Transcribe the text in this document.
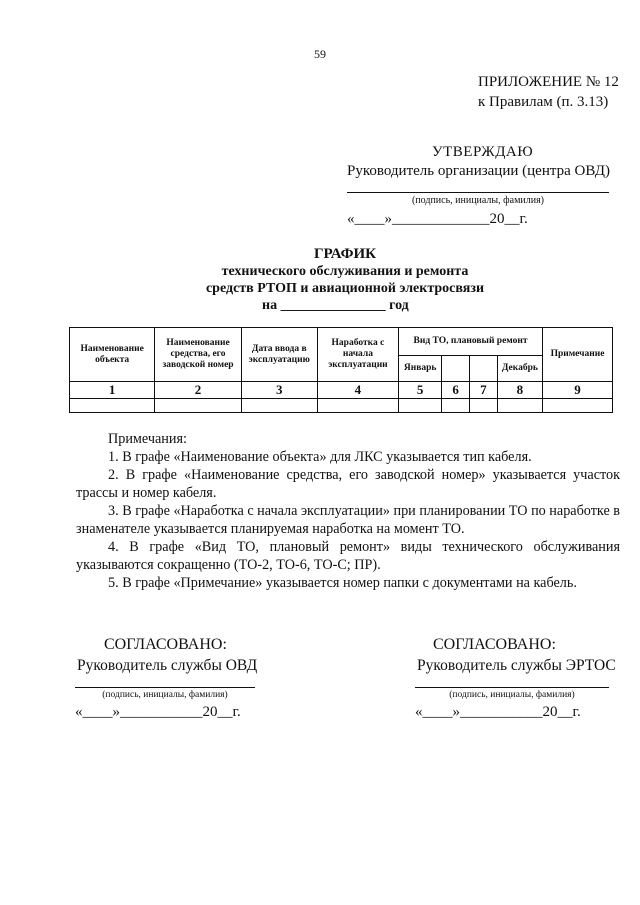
59
ПРИЛОЖЕНИЕ № 12
к Правилам (п. 3.13)
УТВЕРЖДАЮ
Руководитель организации (центра ОВД)
(подпись, инициалы, фамилия)
«____»_____________20__г.
ГРАФИК
технического обслуживания и ремонта
средств РТОП и авиационной электросвязи
на _______________ год
Наименование объекта	Наименование средства, его заводской номер	Дата ввода в эксплуатацию	Наработка с начала эксплуатации	Вид ТО, плановый ремонт				Примечание
				Январь			Декабрь	
1	2	3	4	5	6	7	8	9

Примечания:

1. В графе «Наименование объекта» для ЛКС указывается тип кабеля.

2. В графе «Наименование средства, его заводской номер» указывается участок трассы и номер кабеля.

3. В графе «Наработка с начала эксплуатации» при планировании ТО по наработке в знаменателе указывается планируемая наработка на момент ТО.

4. В графе «Вид ТО, плановый ремонт» виды технического обслуживания указываются сокращенно (ТО-2, ТО-6, ТО-С; ПР).

5. В графе «Примечание» указывается номер папки с документами на кабель.

СОГЛАСОВАНО:
Руководитель службы ОВД
(подпись, инициалы, фамилия)
«____»___________20__г.
СОГЛАСОВАНО:
Руководитель службы ЭРТОС
(подпись, инициалы, фамилия)
«____»___________20__г.
